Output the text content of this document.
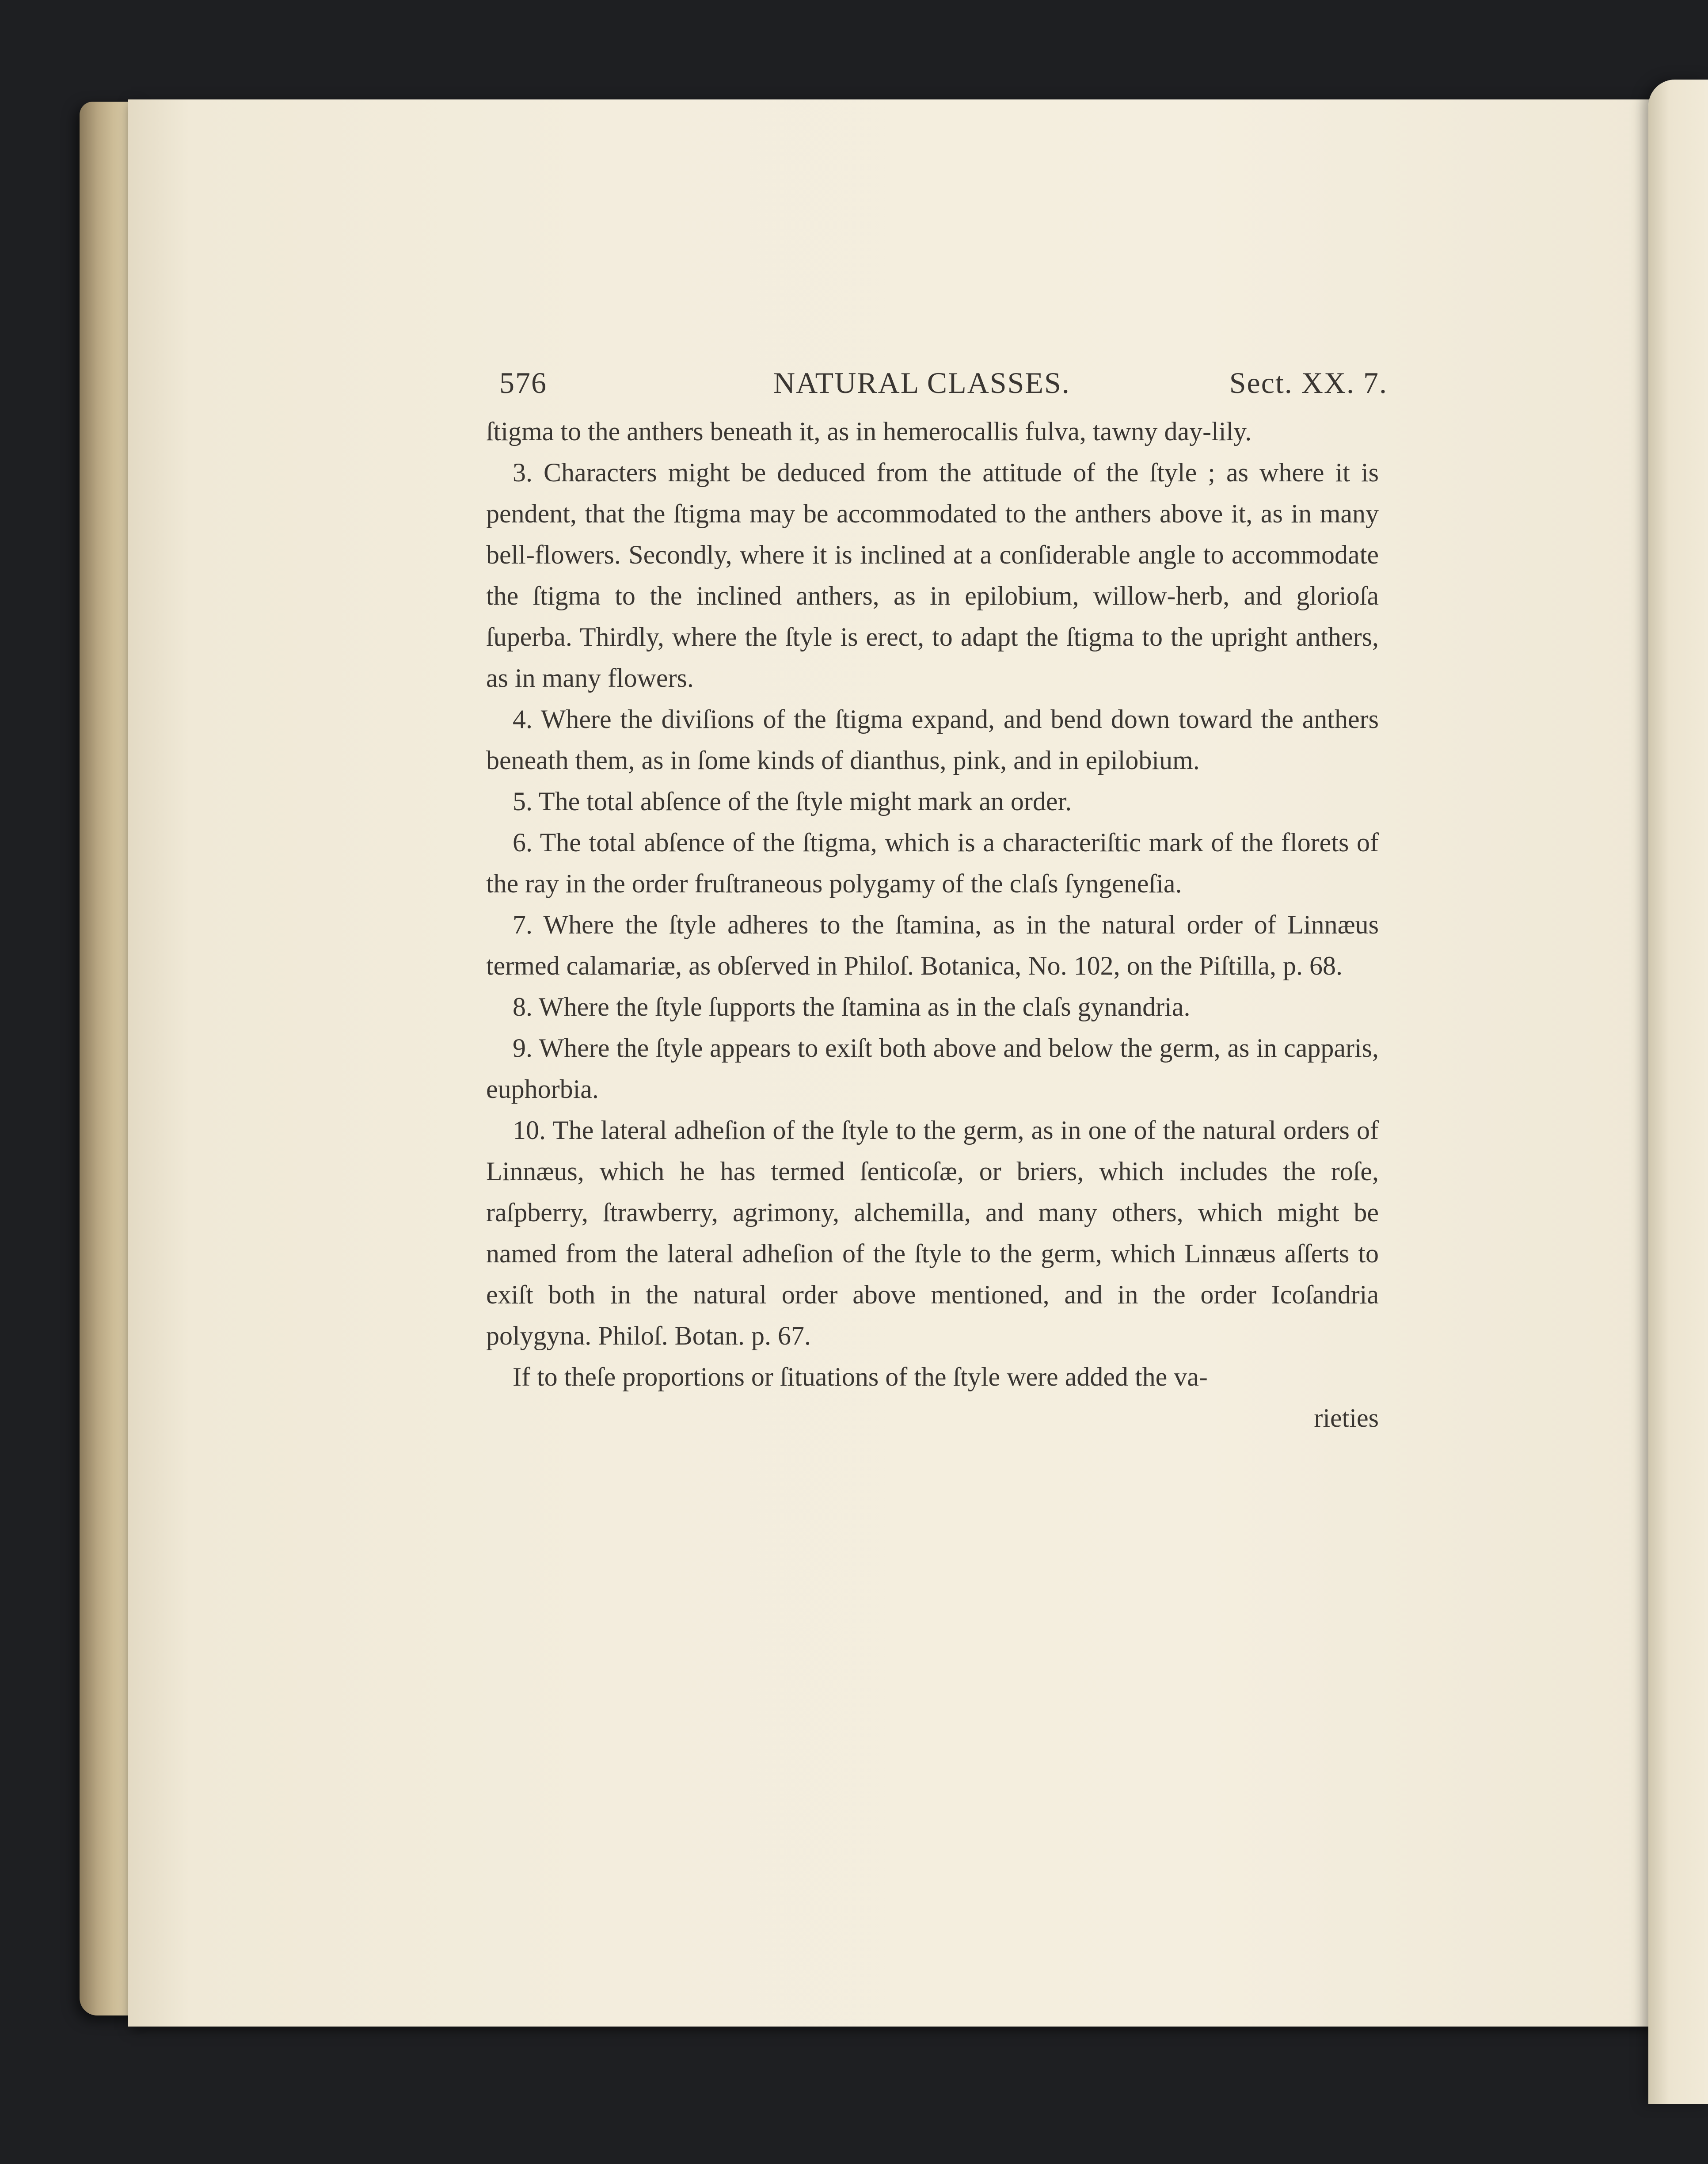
576	NATURAL CLASSES.	Sect. XX. 7.

ſtigma to the anthers beneath it, as in hemerocallis fulva, tawny day-lily.

3. Characters might be deduced from the attitude of the ſtyle ; as where it is pendent, that the ſtigma may be accommodated to the anthers above it, as in many bell-flowers. Secondly, where it is inclined at a conſiderable angle to accommodate the ſtigma to the inclined anthers, as in epilobium, willow-herb, and glorioſa ſuperba. Thirdly, where the ſtyle is erect, to adapt the ſtigma to the upright anthers, as in many flowers.

4. Where the diviſions of the ſtigma expand, and bend down toward the anthers beneath them, as in ſome kinds of dianthus, pink, and in epilobium.

5. The total abſence of the ſtyle might mark an order.

6. The total abſence of the ſtigma, which is a characteriſtic mark of the florets of the ray in the order fruſtraneous polygamy of the claſs ſyngeneſia.

7. Where the ſtyle adheres to the ſtamina, as in the natural order of Linnæus termed calamariæ, as obſerved in Philoſ. Botanica, No. 102, on the Piſtilla, p. 68.

8. Where the ſtyle ſupports the ſtamina as in the claſs gynandria.

9. Where the ſtyle appears to exiſt both above and below the germ, as in capparis, euphorbia.

10. The lateral adheſion of the ſtyle to the germ, as in one of the natural orders of Linnæus, which he has termed ſenticoſæ, or briers, which includes the roſe, raſpberry, ſtrawberry, agrimony, alchemilla, and many others, which might be named from the lateral adheſion of the ſtyle to the germ, which Linnæus aſſerts to exiſt both in the natural order above mentioned, and in the order Icoſandria polygyna. Philoſ. Botan. p. 67.

If to theſe proportions or ſituations of the ſtyle were added the va-

rieties
